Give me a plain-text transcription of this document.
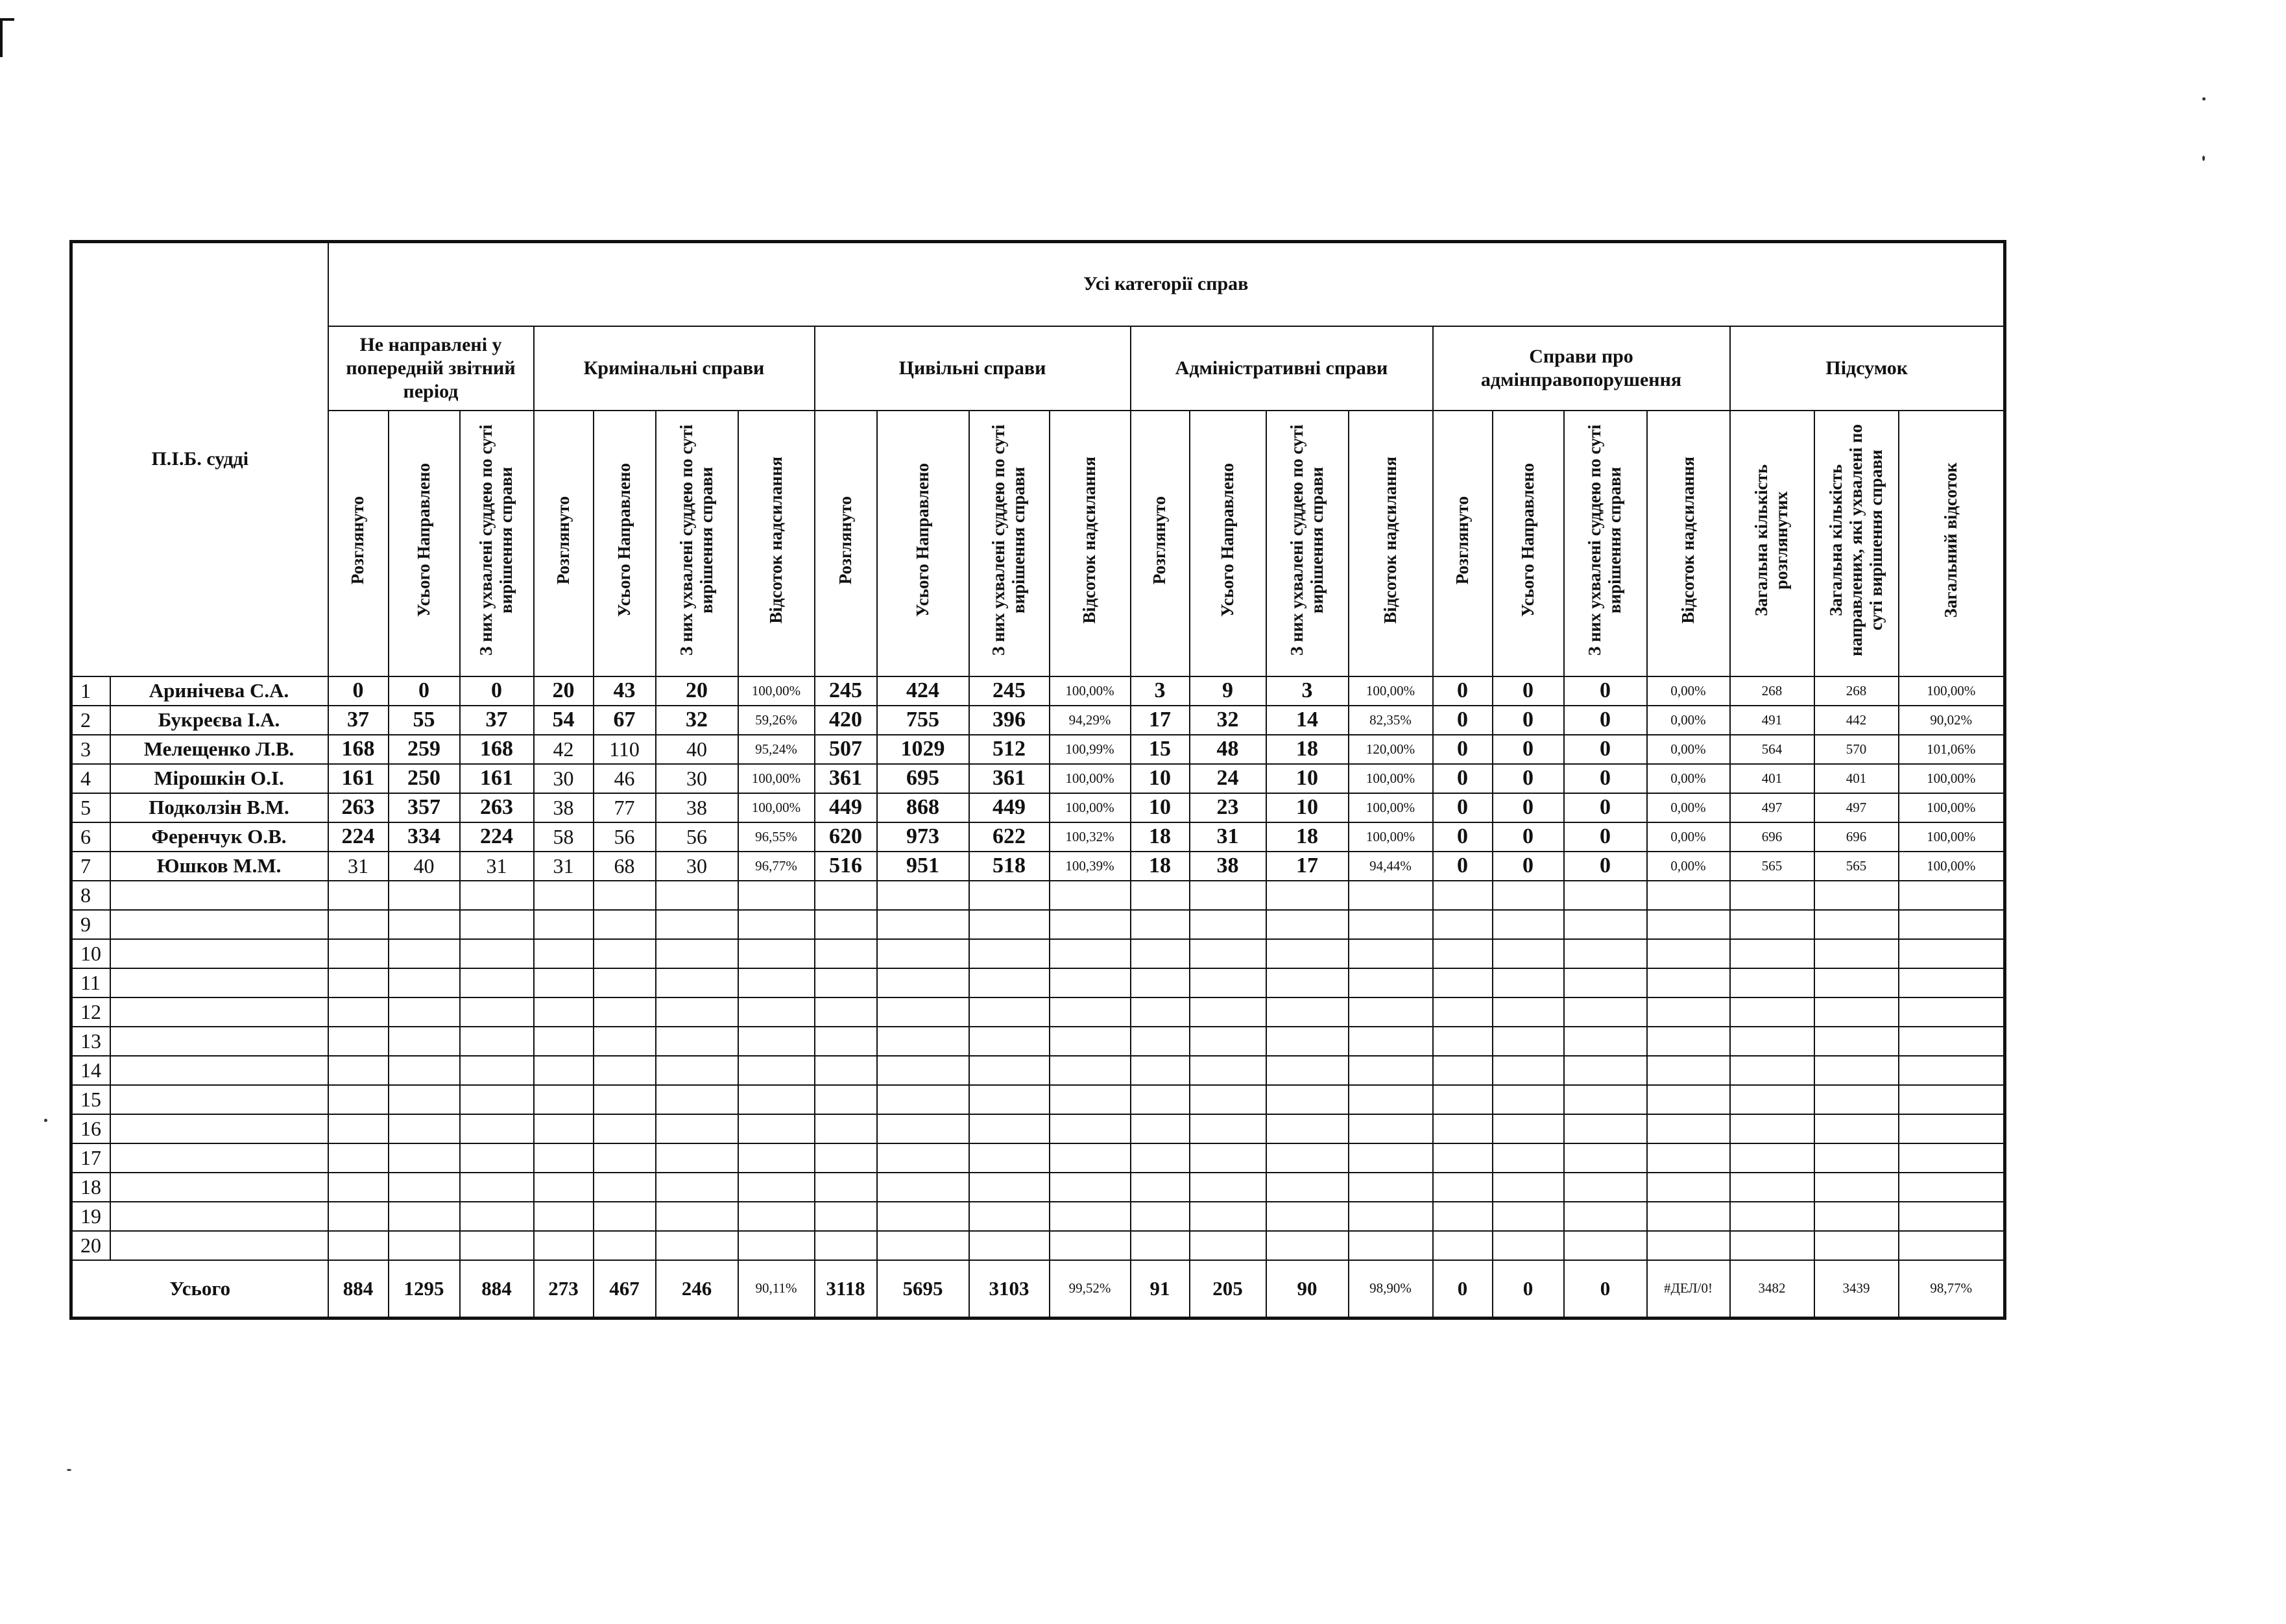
П.І.Б. судді		Усі категорії справ																					
		Не направлені у попередній звітний період			Кримінальні справи				Цивільні справи				Адміністративні справи				Справи про адмінправопорушення				Підсумок		
		Розглянуто	Усього Направлено	З них ухвалені суддею по суті вирішення справи	Розглянуто	Усього Направлено	З них ухвалені суддею по суті вирішення справи	Відсоток надсилання	Розглянуто	Усього Направлено	З них ухвалені суддею по суті вирішення справи	Відсоток надсилання	Розглянуто	Усього Направлено	З них ухвалені суддею по суті вирішення справи	Відсоток надсилання	Розглянуто	Усього Направлено	З них ухвалені суддею по суті вирішення справи	Відсоток надсилання	Загальна кількість розглянутих	Загальна кількість направлених, які ухвалені по суті вирішення справи	Загальний відсоток
1	Аринічева С.А.	0	0	0	20	43	20	100,00%	245	424	245	100,00%	3	9	3	100,00%	0	0	0	0,00%	268	268	100,00%
2	Букреєва І.А.	37	55	37	54	67	32	59,26%	420	755	396	94,29%	17	32	14	82,35%	0	0	0	0,00%	491	442	90,02%
3	Мелещенко Л.В.	168	259	168	42	110	40	95,24%	507	1029	512	100,99%	15	48	18	120,00%	0	0	0	0,00%	564	570	101,06%
4	Мірошкін О.І.	161	250	161	30	46	30	100,00%	361	695	361	100,00%	10	24	10	100,00%	0	0	0	0,00%	401	401	100,00%
5	Подколзін В.М.	263	357	263	38	77	38	100,00%	449	868	449	100,00%	10	23	10	100,00%	0	0	0	0,00%	497	497	100,00%
6	Ференчук О.В.	224	334	224	58	56	56	96,55%	620	973	622	100,32%	18	31	18	100,00%	0	0	0	0,00%	696	696	100,00%
7	Юшков М.М.	31	40	31	31	68	30	96,77%	516	951	518	100,39%	18	38	17	94,44%	0	0	0	0,00%	565	565	100,00%
8																							
9																							
10																							
11																							
12																							
13																							
14																							
15																							
16																							
17																							
18																							
19																							
20																							
Усього		884	1295	884	273	467	246	90,11%	3118	5695	3103	99,52%	91	205	90	98,90%	0	0	0	#ДЕЛ/0!	3482	3439	98,77%
